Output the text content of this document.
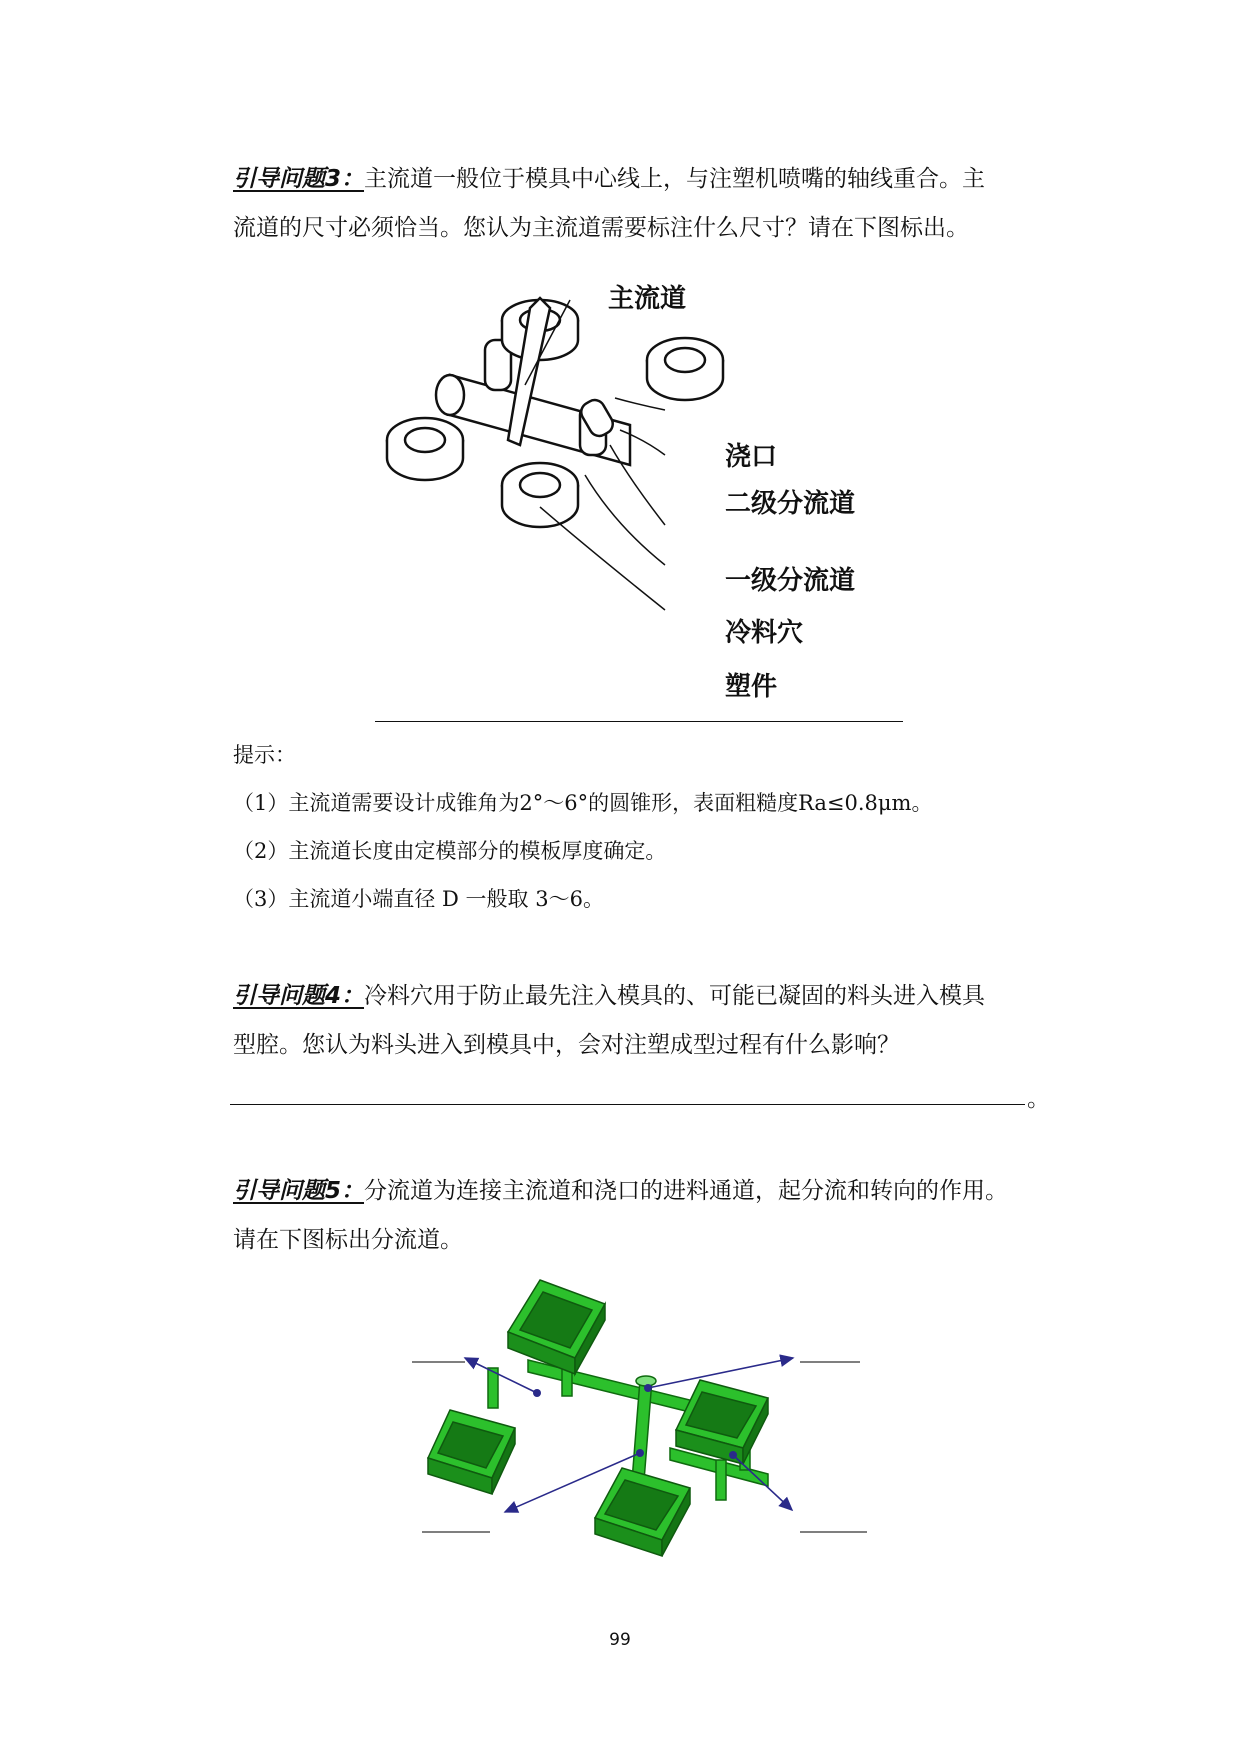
引导问题3：主流道一般位于模具中心线上，与注塑机喷嘴的轴线重合。主
流道的尺寸必须恰当。您认为主流道需要标注什么尺寸？请在下图标出。
主流道
浇口
二级分流道
一级分流道
冷料穴
塑件
提示：
（1）主流道需要设计成锥角为2°～6°的圆锥形，表面粗糙度Ra≤0.8μm。
（2）主流道长度由定模部分的模板厚度确定。
（3）主流道小端直径 D 一般取 3～6。
引导问题4：冷料穴用于防止最先注入模具的、可能已凝固的料头进入模具
型腔。您认为料头进入到模具中，会对注塑成型过程有什么影响？
。
引导问题5：分流道为连接主流道和浇口的进料通道，起分流和转向的作用。
请在下图标出分流道。
99
